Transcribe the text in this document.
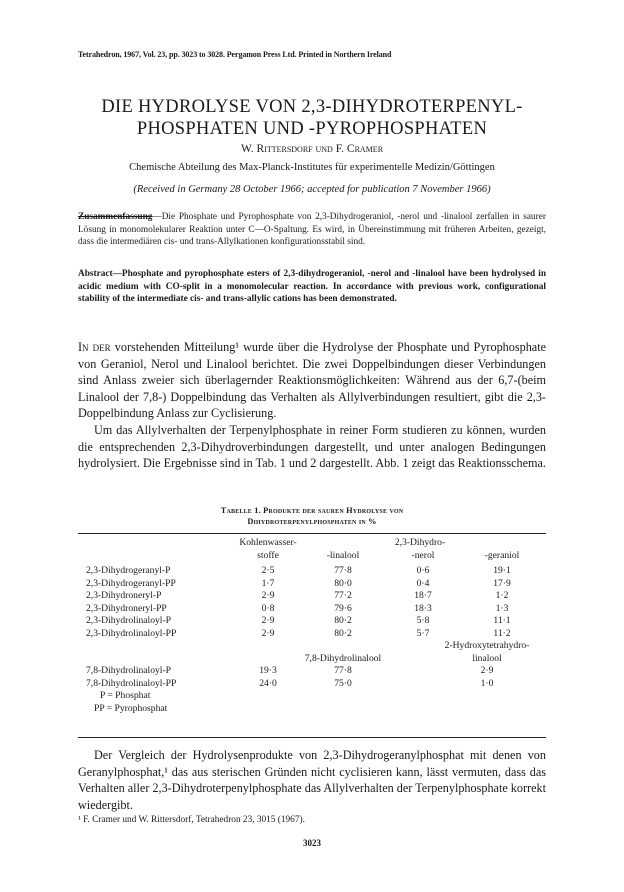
Tetrahedron, 1967, Vol. 23, pp. 3023 to 3028. Pergamon Press Ltd. Printed in Northern Ireland
DIE HYDROLYSE VON 2,3-DIHYDROTERPENYL-
PHOSPHATEN UND -PYROPHOSPHATEN
W. Rittersdorf und F. Cramer
Chemische Abteilung des Max-Planck-Institutes für experimentelle Medizin/Göttingen
(Received in Germany 28 October 1966; accepted for publication 7 November 1966)
Zusammenfassung—Die Phosphate und Pyrophosphate von 2,3-Dihydrogeraniol, -nerol und -linalool zerfallen in saurer Lösung in monomolekularer Reaktion unter C—O-Spaltung. Es wird, in Übereinstimmung mit früheren Arbeiten, gezeigt, dass die intermediären cis- und trans-Allylkationen konfigurationsstabil sind.
Abstract—Phosphate and pyrophosphate esters of 2,3-dihydrogeraniol, -nerol and -linalool have been hydrolysed in acidic medium with CO-split in a monomolecular reaction. In accordance with previous work, configurational stability of the intermediate cis- and trans-allylic cations has been demonstrated.
In der vorstehenden Mitteilung¹ wurde über die Hydrolyse der Phosphate und Pyrophosphate von Geraniol, Nerol und Linalool berichtet. Die zwei Doppelbindungen dieser Verbindungen sind Anlass zweier sich überlagernder Reaktionsmöglichkeiten: Während aus der 6,7-(beim Linalool der 7,8-) Doppelbindung das Verhalten als Allylverbindungen resultiert, gibt die 2,3-Doppelbindung Anlass zur Cyclisierung.
Um das Allylverhalten der Terpenylphosphate in reiner Form studieren zu können, wurden die entsprechenden 2,3-Dihydroverbindungen dargestellt, und unter analogen Bedingungen hydrolysiert. Die Ergebnisse sind in Tab. 1 und 2 dargestellt. Abb. 1 zeigt das Reaktionsschema.
Tabelle 1. Produkte der sauren Hydrolyse von
Dihydroterpenylphosphaten in %
Kohlenwasser-
stoffe
2,3-Dihydro-
-linalool	-nerol	-geraniol
2,3-Dihydrogeranyl-P	2·5	77·8	0·6	19·1
2,3-Dihydrogeranyl-PP	1·7	80·0	0·4	17·9
2,3-Dihydroneryl-P	2·9	77·2	18·7	1·2
2,3-Dihydroneryl-PP	0·8	79·6	18·3	1·3
2,3-Dihydrolinaloyl-P	2·9	80·2	5·8	11·1
2,3-Dihydrolinaloyl-PP	2·9	80·2	5·7	11·2
2-Hydroxytetrahydro-
7,8-Dihydrolinalool	linalool
7,8-Dihydrolinaloyl-P	19·3	77·8	2·9
7,8-Dihydrolinaloyl-PP	24·0	75·0	1·0
P = Phosphat
PP = Pyrophosphat
Der Vergleich der Hydrolysenprodukte von 2,3-Dihydrogeranylphosphat mit denen von Geranylphosphat,¹ das aus sterischen Gründen nicht cyclisieren kann, lässt vermuten, dass das Verhalten aller 2,3-Dihydroterpenylphosphate das Allylverhalten der Terpenylphosphate korrekt wiedergibt.
¹ F. Cramer und W. Rittersdorf, Tetrahedron 23, 3015 (1967).
3023
